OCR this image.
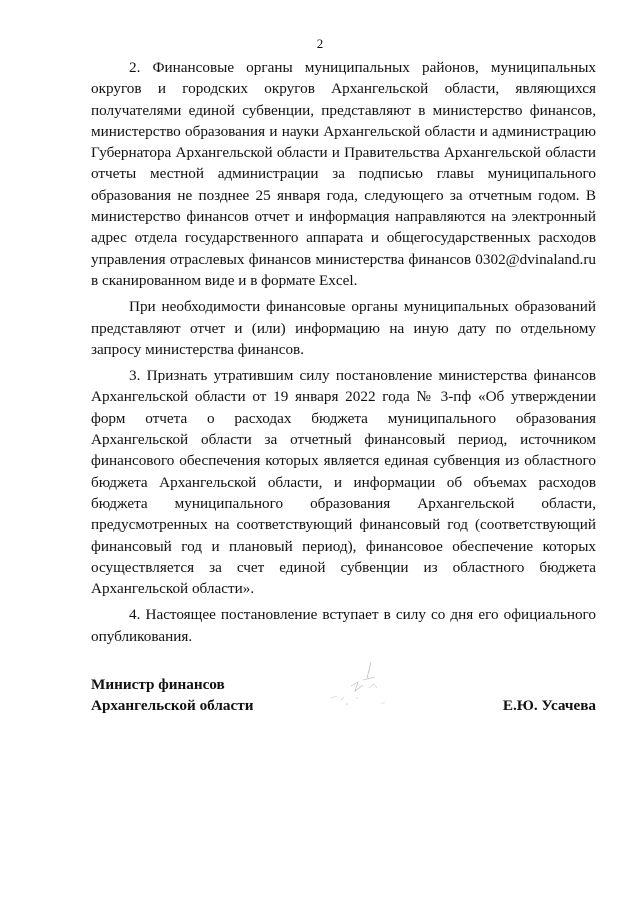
2

2. Финансовые органы муниципальных районов, муниципальных округов и городских округов Архангельской области, являющихся получателями единой субвенции, представляют в министерство финансов, министерство образования и науки Архангельской области и администрацию Губернатора Архангельской области и Правительства Архангельской области отчеты местной администрации за подписью главы муниципального образования не позднее 25 января года, следующего за отчетным годом. В министерство финансов отчет и информация направляются на электронный адрес отдела государственного аппарата и общегосударственных расходов управления отраслевых финансов министерства финансов 0302@dvinaland.ru в сканированном виде и в формате Excel.

При необходимости финансовые органы муниципальных образований представляют отчет и (или) информацию на иную дату по отдельному запросу министерства финансов.

3. Признать утратившим силу постановление министерства финансов Архангельской области от 19 января 2022 года № 3-пф «Об утверждении форм отчета о расходах бюджета муниципального образования Архангельской области за отчетный финансовый период, источником финансового обеспечения которых является единая субвенция из областного бюджета Архангельской области, и информации об объемах расходов бюджета муниципального образования Архангельской области, предусмотренных на соответствующий финансовый год (соответствующий финансовый год и плановый период), финансовое обеспечение которых осуществляется за счет единой субвенции из областного бюджета Архангельской области».

4. Настоящее постановление вступает в силу со дня его официального опубликования.

Министр финансов
Архангельской области	Е.Ю. Усачева
